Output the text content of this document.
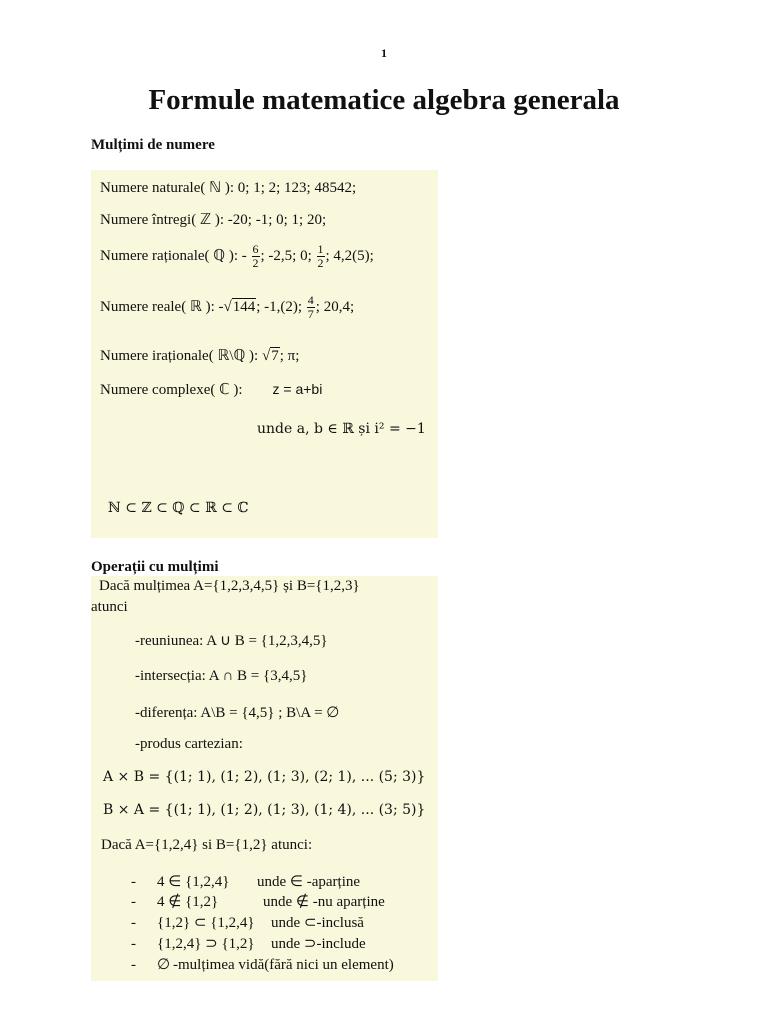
1
Formule matematice algebra generala
Mulțimi de numere
Numere naturale( ℕ ): 0; 1; 2; 123; 48542;
Numere întregi( ℤ ): -20; -1; 0; 1; 20;
Numere raționale( ℚ ): - $\frac{6}{2}$ ; -2,5; 0; $\frac{1}{2}$ ; 4,2(5);
Numere reale( ℝ ): -√144; -1,(2); $\frac{4}{7}$ ; 20,4;
Numere iraționale( ℝ\ℚ ): √7; π;
Numere complexe( ℂ ): z = a+bi
unde a, b ∈ ℝ și i² = −1
ℕ ⊂ ℤ ⊂ ℚ ⊂ ℝ ⊂ ℂ
Operații cu mulțimi
Dacă mulțimea A={1,2,3,4,5} și B={1,2,3}
atunci
-reuniunea: A ∪ B = {1,2,3,4,5}
-intersecția: A ∩ B = {3,4,5}
-diferența: A\B = {4,5} ; B\A = ∅
-produs cartezian:
A × B = {(1; 1), (1; 2), (1; 3), (2; 1), ... (5; 3)}
B × A = {(1; 1), (1; 2), (1; 3), (1; 4), ... (3; 5)}
Dacă A={1,2,4} si B={1,2} atunci:
- 4 ∈ {1,2,4} unde ∈ -aparține
- 4 ∉ {1,2}	unde ∉ -nu aparține
- {1,2} ⊂ {1,2,4} unde ⊂-inclusă
- {1,2,4} ⊃ {1,2} unde ⊃-include
- ∅ -mulțimea vidă(fără nici un element)
